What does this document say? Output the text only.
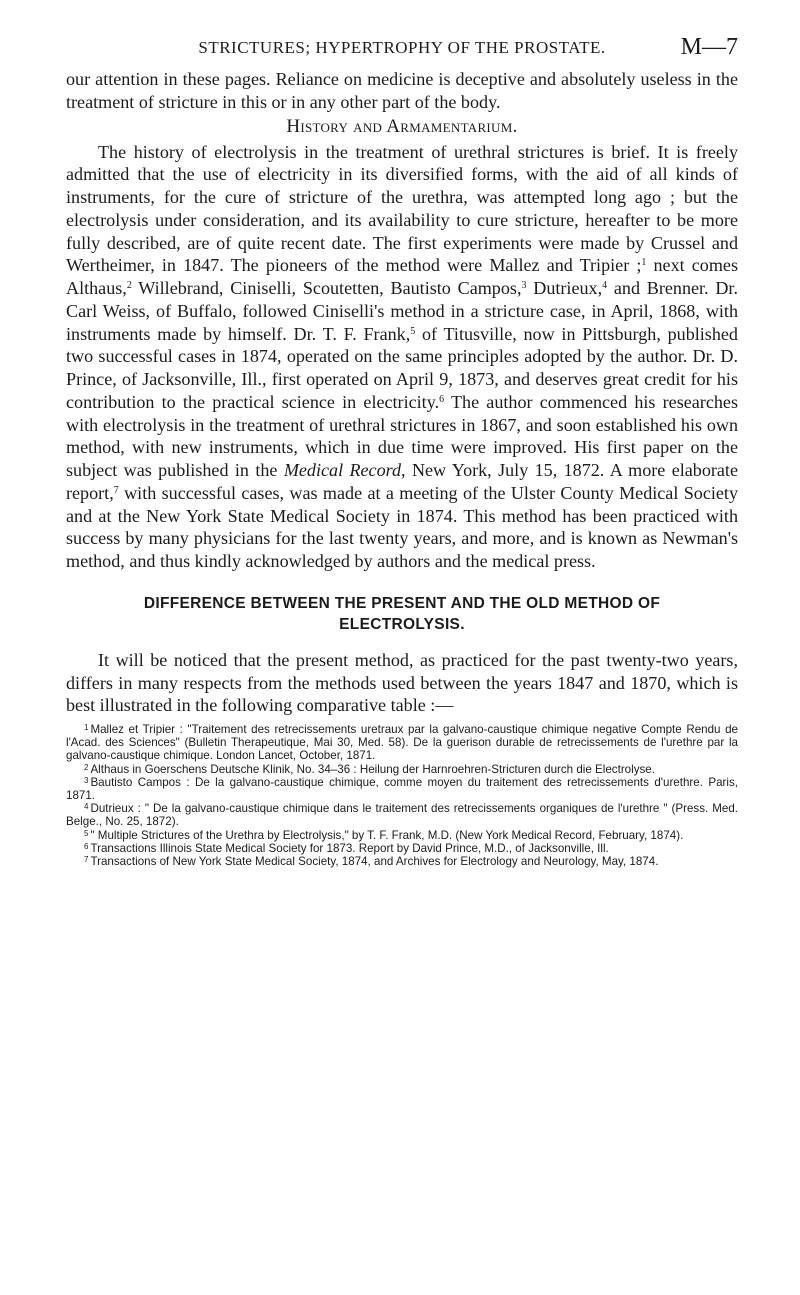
STRICTURES; HYPERTROPHY OF THE PROSTATE.	M—7

our attention in these pages. Reliance on medicine is deceptive and absolutely useless in the treatment of stricture in this or in any other part of the body.

History and Armamentarium.

The history of electrolysis in the treatment of urethral strictures is brief. It is freely admitted that the use of electricity in its diversified forms, with the aid of all kinds of instruments, for the cure of stricture of the urethra, was attempted long ago ; but the electrolysis under consideration, and its availability to cure stricture, hereafter to be more fully described, are of quite recent date. The first experiments were made by Crussel and Wertheimer, in 1847. The pioneers of the method were Mallez and Tripier ;$^1$ next comes Althaus,$^2$ Willebrand, Ciniselli, Scoutetten, Bautisto Campos,$^3$ Dutrieux,$^4$ and Brenner. Dr. Carl Weiss, of Buffalo, followed Ciniselli's method in a stricture case, in April, 1868, with instruments made by himself. Dr. T. F. Frank,$^5$ of Titusville, now in Pittsburgh, published two successful cases in 1874, operated on the same principles adopted by the author. Dr. D. Prince, of Jacksonville, Ill., first operated on April 9, 1873, and deserves great credit for his contribution to the practical science in electricity.$^6$ The author commenced his researches with electrolysis in the treatment of urethral strictures in 1867, and soon established his own method, with new instruments, which in due time were improved. His first paper on the subject was published in the Medical Record, New York, July 15, 1872. A more elaborate report,$^7$ with successful cases, was made at a meeting of the Ulster County Medical Society and at the New York State Medical Society in 1874. This method has been practiced with success by many physicians for the last twenty years, and more, and is known as Newman's method, and thus kindly acknowledged by authors and the medical press.

DIFFERENCE BETWEEN THE PRESENT AND THE OLD METHOD OF
ELECTROLYSIS.

It will be noticed that the present method, as practiced for the past twenty-two years, differs in many respects from the methods used between the years 1847 and 1870, which is best illustrated in the following comparative table :—

$^1$ Mallez et Tripier : "Traitement des retrecissements uretraux par la galvano-caustique chimique negative Compte Rendu de l'Acad. des Sciences" (Bulletin Therapeutique, Mai 30, Med. 58). De la guerison durable de retrecissements de l'urethre par la galvano-caustique chimique. London Lancet, October, 1871.

$^2$ Althaus in Goerschens Deutsche Klinik, No. 34–36 : Heilung der Harnroehren-Stricturen durch die Electrolyse.

$^3$ Bautisto Campos : De la galvano-caustique chimique, comme moyen du traitement des retrecissements d'urethre. Paris, 1871.

$^4$ Dutrieux : " De la galvano-caustique chimique dans le traitement des retrecissements organiques de l'urethre " (Press. Med. Belge., No. 25, 1872).

$^5$ " Multiple Strictures of the Urethra by Electrolysis," by T. F. Frank, M.D. (New York Medical Record, February, 1874).

$^6$ Transactions Illinois State Medical Society for 1873. Report by David Prince, M.D., of Jacksonville, Ill.

$^7$ Transactions of New York State Medical Society, 1874, and Archives for Electrology and Neurology, May, 1874.
